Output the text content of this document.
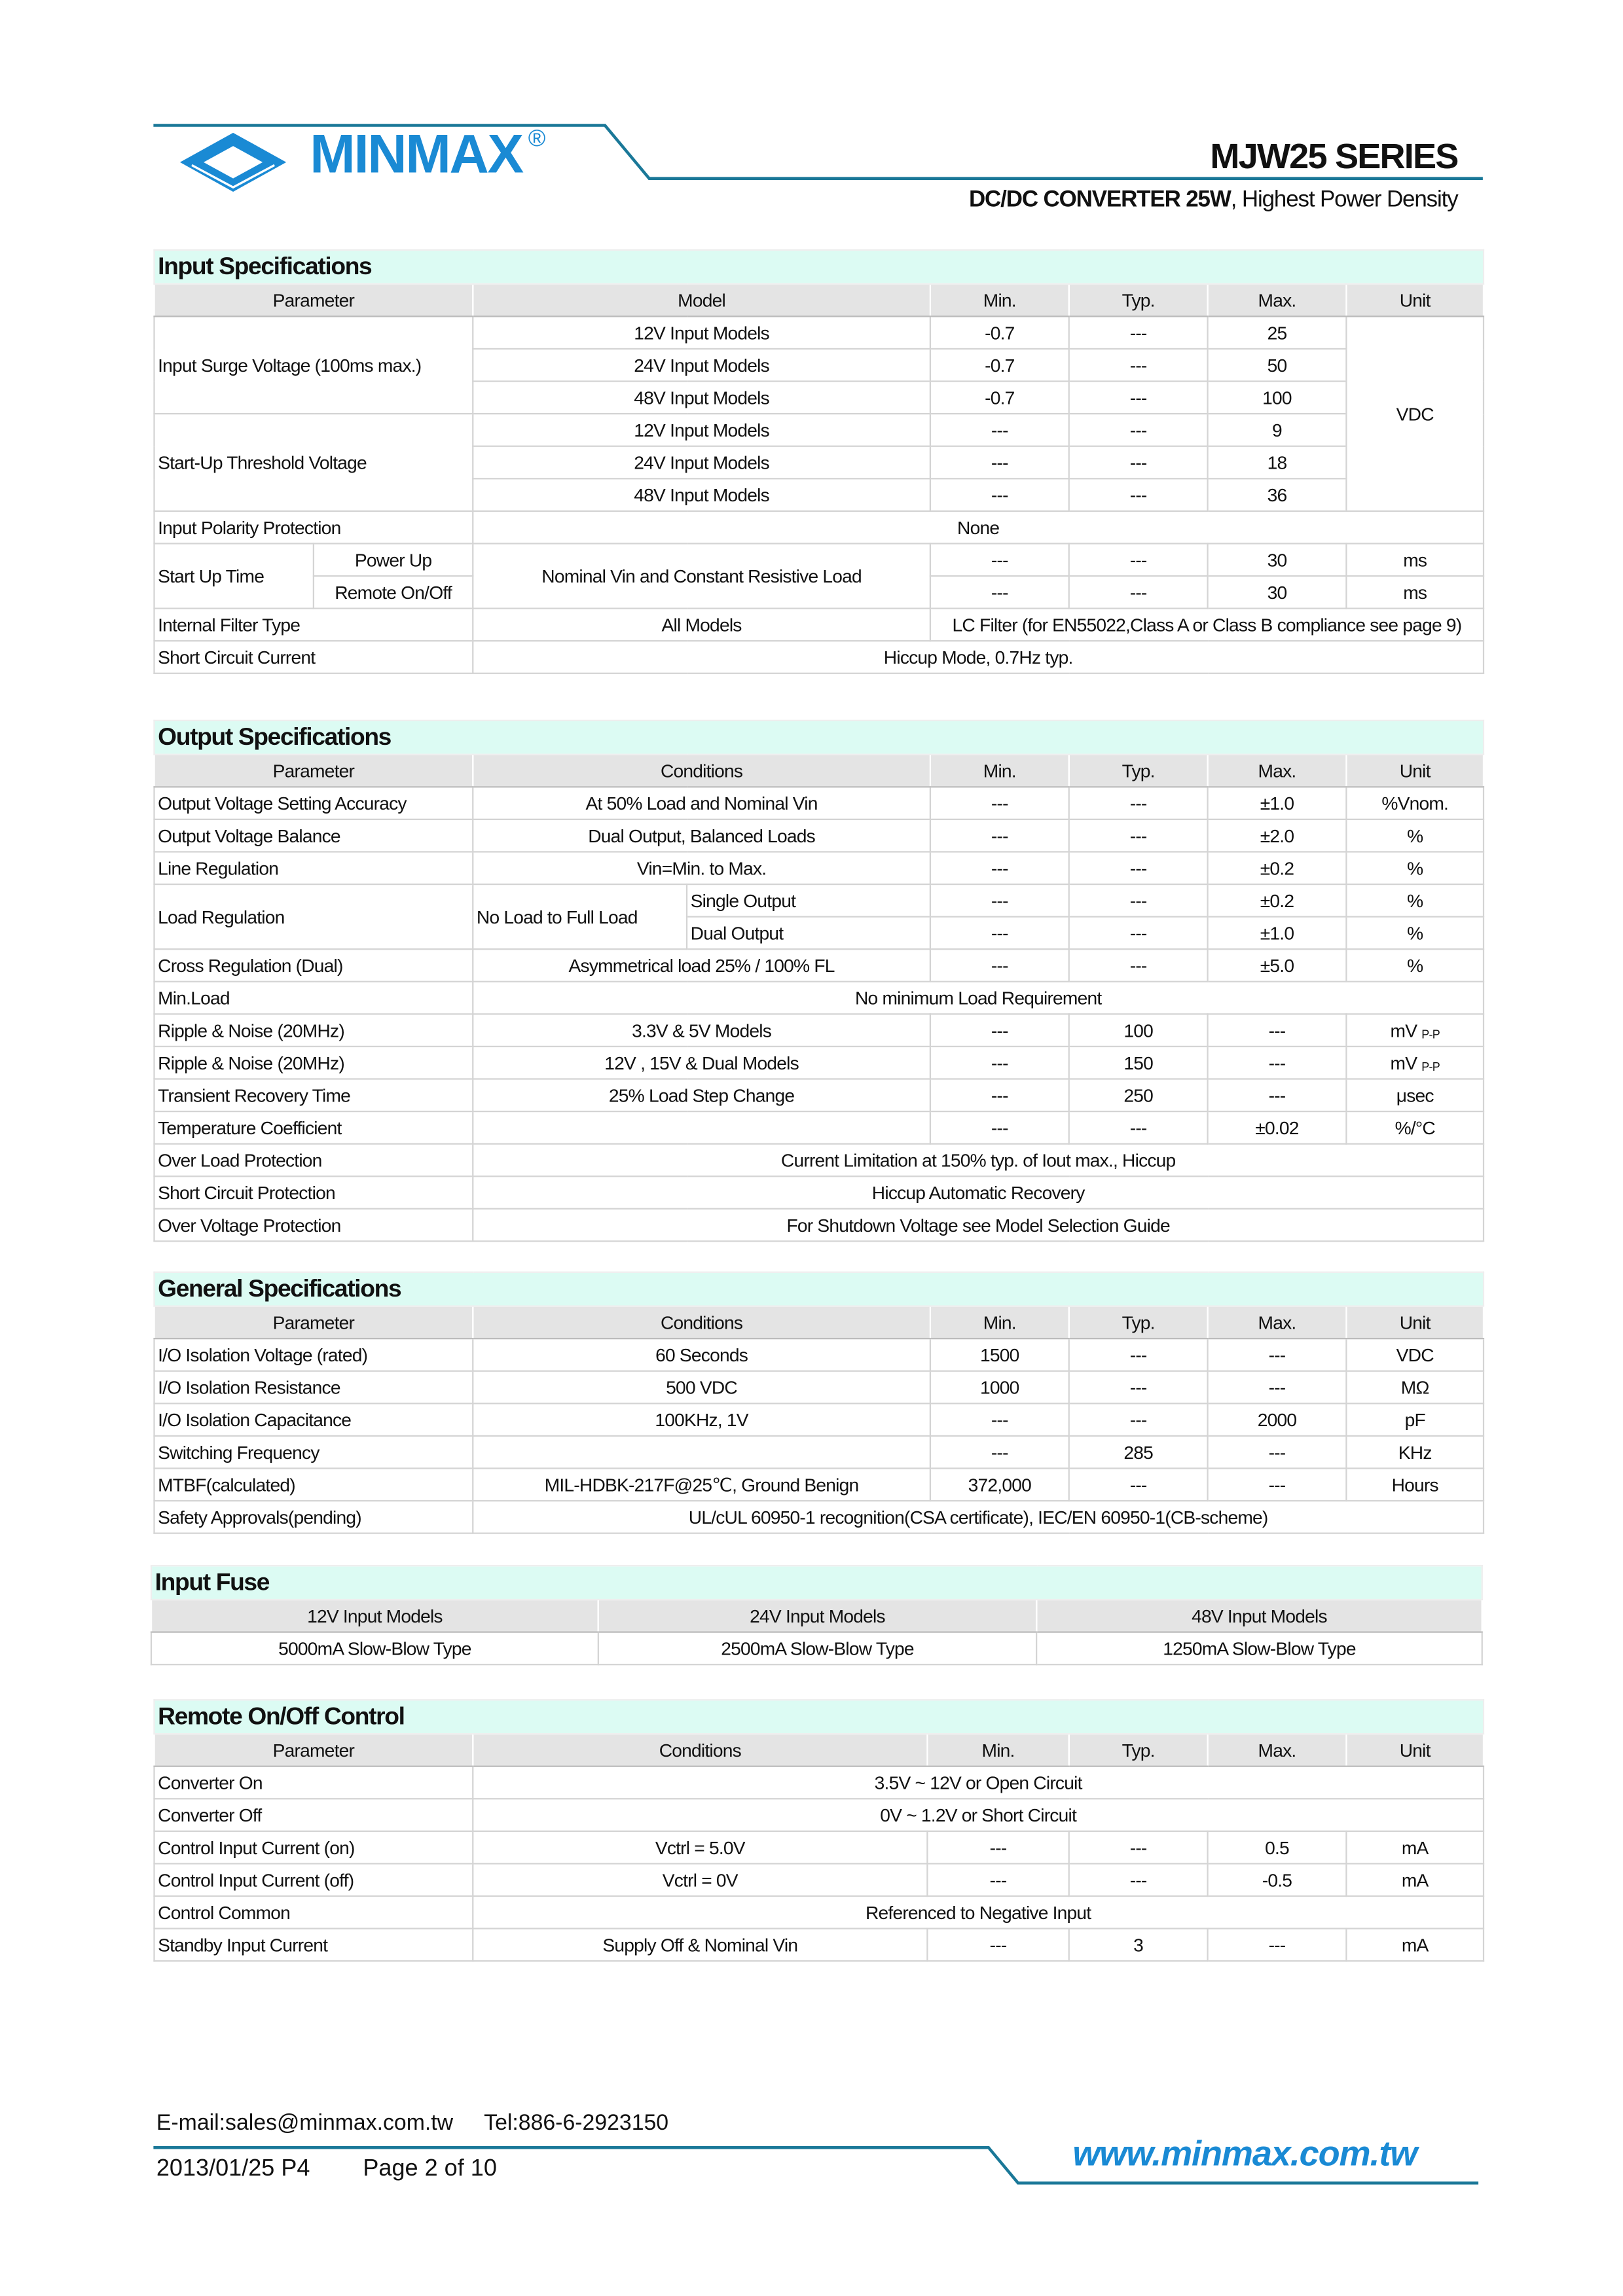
MINMAX ®	MJW25 SERIES
DC/DC CONVERTER 25W, Highest Power Density
Input Specifications						
Parameter		Model	Min.	Typ.	Max.	Unit
Input Surge Voltage (100ms max.)		12V Input Models	-0.7	---	25	VDC
		24V Input Models	-0.7	---	50	
		48V Input Models	-0.7	---	100	
Start-Up Threshold Voltage		12V Input Models	---	---	9	
		24V Input Models	---	---	18	
		48V Input Models	---	---	36	
Input Polarity Protection		None				
Start Up Time	Power Up	Nominal Vin and Constant Resistive Load	---	---	30	ms
	Remote On/Off		---	---	30	ms
Internal Filter Type		All Models	LC Filter (for EN55022,Class A or Class B compliance see page 9)			
Short Circuit Current		Hiccup Mode, 0.7Hz typ.				
Output Specifications						
Parameter	Conditions		Min.	Typ.	Max.	Unit
Output Voltage Setting Accuracy	At 50% Load and Nominal Vin		---	---	±1.0	%Vnom.
Output Voltage Balance	Dual Output, Balanced Loads		---	---	±2.0	%
Line Regulation	Vin=Min. to Max.		---	---	±0.2	%
Load Regulation	No Load to Full Load	Single Output	---	---	±0.2	%
		Dual Output	---	---	±1.0	%
Cross Regulation (Dual)	Asymmetrical load 25% / 100% FL		---	---	±5.0	%
Min.Load	No minimum Load Requirement					
Ripple & Noise (20MHz)	3.3V & 5V Models		---	100	---	mV $_{P-P}$
Ripple & Noise (20MHz)	12V , 15V & Dual Models		---	150	---	mV $_{P-P}$
Transient Recovery Time	25% Load Step Change		---	250	---	μsec
Temperature Coefficient			---	---	±0.02	%/°C
Over Load Protection	Current Limitation at 150% typ. of Iout max., Hiccup					
Short Circuit Protection	Hiccup Automatic Recovery					
Over Voltage Protection	For Shutdown Voltage see Model Selection Guide					
General Specifications					
Parameter	Conditions	Min.	Typ.	Max.	Unit
I/O Isolation Voltage (rated)	60 Seconds	1500	---	---	VDC
I/O Isolation Resistance	500 VDC	1000	---	---	MΩ
I/O Isolation Capacitance	100KHz, 1V	---	---	2000	pF
Switching Frequency		---	285	---	KHz
MTBF(calculated)	MIL-HDBK-217F@25℃, Ground Benign	372,000	---	---	Hours
Safety Approvals(pending)	UL/cUL 60950-1 recognition(CSA certificate), IEC/EN 60950-1(CB-scheme)				
Input Fuse		
12V Input Models	24V Input Models	48V Input Models
5000mA Slow-Blow Type	2500mA Slow-Blow Type	1250mA Slow-Blow Type
Remote On/Off Control					
Parameter	Conditions	Min.	Typ.	Max.	Unit
Converter On	3.5V ~ 12V or Open Circuit				
Converter Off	0V ~ 1.2V or Short Circuit				
Control Input Current (on)	Vctrl = 5.0V	---	---	0.5	mA
Control Input Current (off)	Vctrl = 0V	---	---	-0.5	mA
Control Common	Referenced to Negative Input				
Standby Input Current	Supply Off & Nominal Vin	---	3	---	mA
E-mail:sales@minmax.com.tw	Tel:886-6-2923150
2013/01/25 P4	Page 2 of 10	www.minmax.com.tw
